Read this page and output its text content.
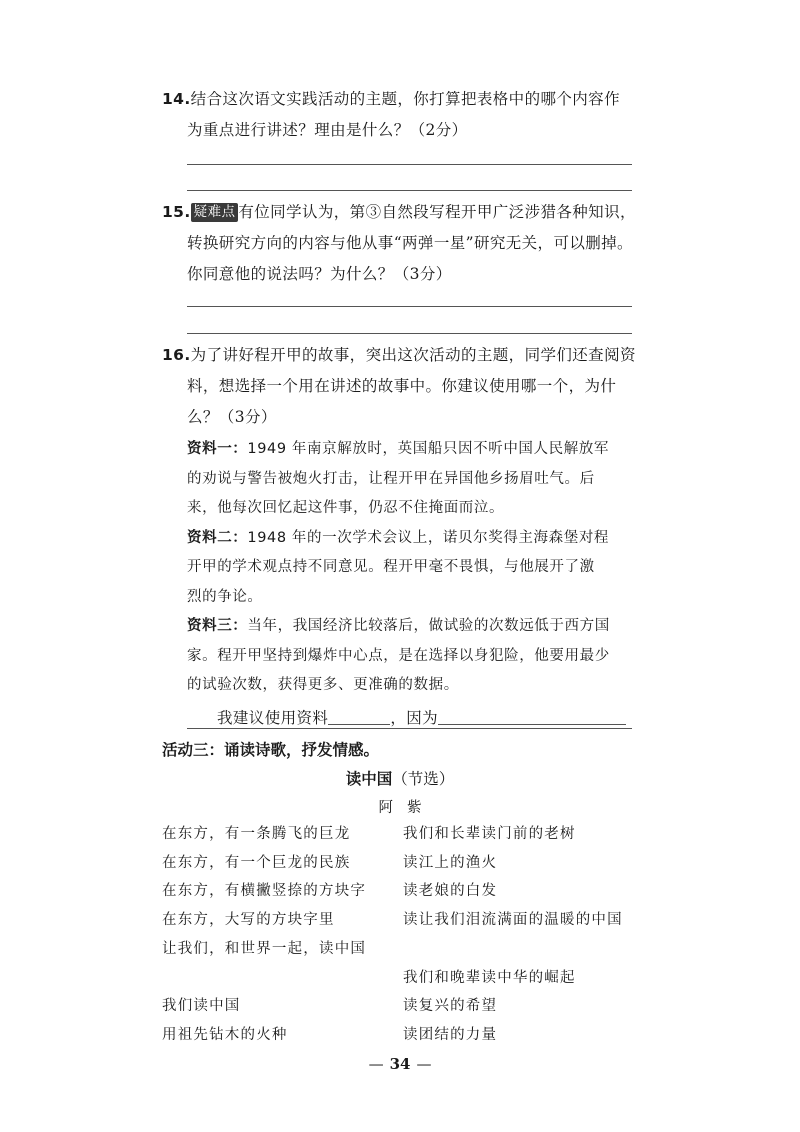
14.结合这次语文实践活动的主题，你打算把表格中的哪个内容作
为重点进行讲述？理由是什么？（2分）
15. 疑难点 有位同学认为，第③自然段写程开甲广泛涉猎各种知识，
转换研究方向的内容与他从事“两弹一星”研究无关，可以删掉。
你同意他的说法吗？为什么？（3分）
16.为了讲好程开甲的故事，突出这次活动的主题，同学们还查阅资
料，想选择一个用在讲述的故事中。你建议使用哪一个，为什
么？（3分）
资料一：1949 年南京解放时，英国船只因不听中国人民解放军
的劝说与警告被炮火打击，让程开甲在异国他乡扬眉吐气。后
来，他每次回忆起这件事，仍忍不住掩面而泣。
资料二：1948 年的一次学术会议上，诺贝尔奖得主海森堡对程
开甲的学术观点持不同意见。程开甲毫不畏惧，与他展开了激
烈的争论。
资料三：当年，我国经济比较落后，做试验的次数远低于西方国
家。程开甲坚持到爆炸中心点，是在选择以身犯险，他要用最少
的试验次数，获得更多、更准确的数据。
我建议使用资料	，因为
活动三：诵读诗歌，抒发情感。
读中国（节选）
阿紫
在东方，有一条腾飞的巨龙
在东方，有一个巨龙的民族
在东方，有横撇竖捺的方块字
在东方，大写的方块字里
让我们，和世界一起，读中国
我们读中国
用祖先钻木的火种
我们和长辈读门前的老树
读江上的渔火
读老娘的白发
读让我们泪流满面的温暖的中国
我们和晚辈读中华的崛起
读复兴的希望
读团结的力量
— 34 —
